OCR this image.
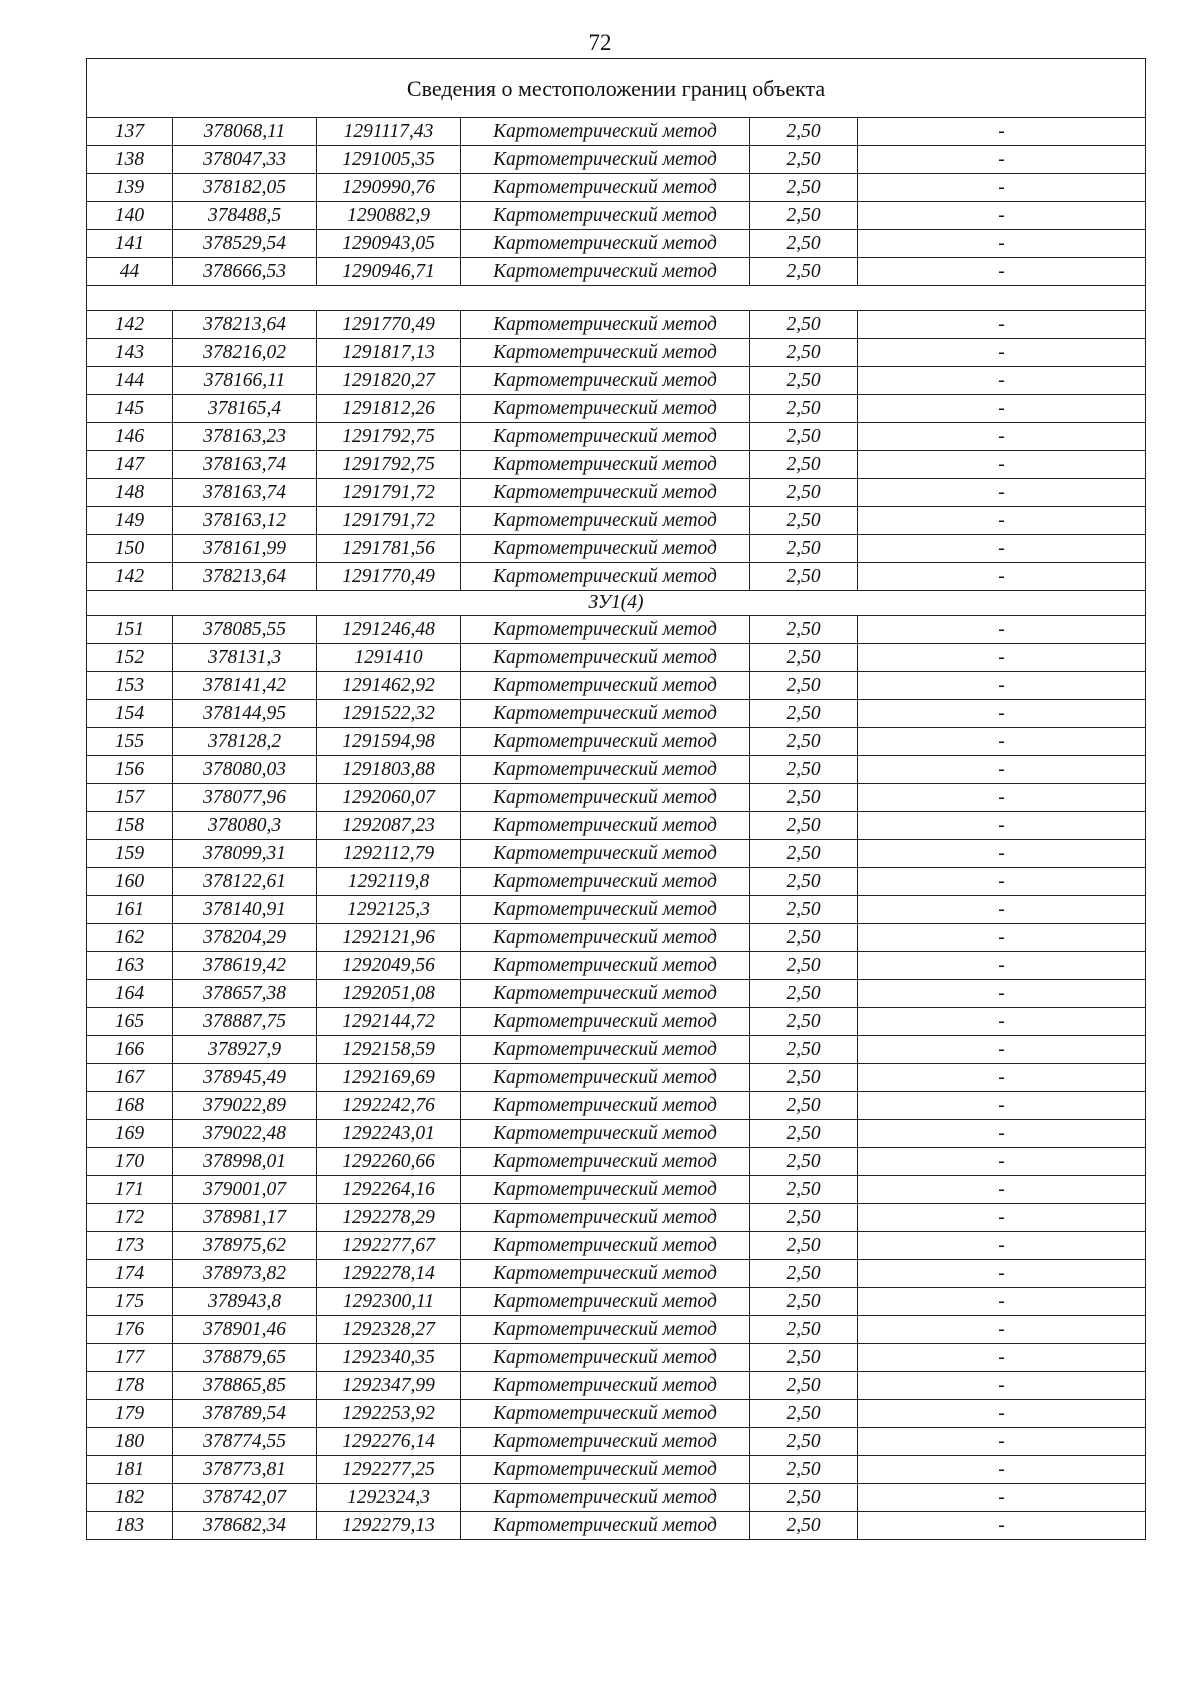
72
Сведения о местоположении границ объекта					
137	378068,11	1291117,43	Картометрический метод	2,50	-
138	378047,33	1291005,35	Картометрический метод	2,50	-
139	378182,05	1290990,76	Картометрический метод	2,50	-
140	378488,5	1290882,9	Картометрический метод	2,50	-
141	378529,54	1290943,05	Картометрический метод	2,50	-
44	378666,53	1290946,71	Картометрический метод	2,50	-

142	378213,64	1291770,49	Картометрический метод	2,50	-
143	378216,02	1291817,13	Картометрический метод	2,50	-
144	378166,11	1291820,27	Картометрический метод	2,50	-
145	378165,4	1291812,26	Картометрический метод	2,50	-
146	378163,23	1291792,75	Картометрический метод	2,50	-
147	378163,74	1291792,75	Картометрический метод	2,50	-
148	378163,74	1291791,72	Картометрический метод	2,50	-
149	378163,12	1291791,72	Картометрический метод	2,50	-
150	378161,99	1291781,56	Картометрический метод	2,50	-
142	378213,64	1291770,49	Картометрический метод	2,50	-
ЗУ1(4)					
151	378085,55	1291246,48	Картометрический метод	2,50	-
152	378131,3	1291410	Картометрический метод	2,50	-
153	378141,42	1291462,92	Картометрический метод	2,50	-
154	378144,95	1291522,32	Картометрический метод	2,50	-
155	378128,2	1291594,98	Картометрический метод	2,50	-
156	378080,03	1291803,88	Картометрический метод	2,50	-
157	378077,96	1292060,07	Картометрический метод	2,50	-
158	378080,3	1292087,23	Картометрический метод	2,50	-
159	378099,31	1292112,79	Картометрический метод	2,50	-
160	378122,61	1292119,8	Картометрический метод	2,50	-
161	378140,91	1292125,3	Картометрический метод	2,50	-
162	378204,29	1292121,96	Картометрический метод	2,50	-
163	378619,42	1292049,56	Картометрический метод	2,50	-
164	378657,38	1292051,08	Картометрический метод	2,50	-
165	378887,75	1292144,72	Картометрический метод	2,50	-
166	378927,9	1292158,59	Картометрический метод	2,50	-
167	378945,49	1292169,69	Картометрический метод	2,50	-
168	379022,89	1292242,76	Картометрический метод	2,50	-
169	379022,48	1292243,01	Картометрический метод	2,50	-
170	378998,01	1292260,66	Картометрический метод	2,50	-
171	379001,07	1292264,16	Картометрический метод	2,50	-
172	378981,17	1292278,29	Картометрический метод	2,50	-
173	378975,62	1292277,67	Картометрический метод	2,50	-
174	378973,82	1292278,14	Картометрический метод	2,50	-
175	378943,8	1292300,11	Картометрический метод	2,50	-
176	378901,46	1292328,27	Картометрический метод	2,50	-
177	378879,65	1292340,35	Картометрический метод	2,50	-
178	378865,85	1292347,99	Картометрический метод	2,50	-
179	378789,54	1292253,92	Картометрический метод	2,50	-
180	378774,55	1292276,14	Картометрический метод	2,50	-
181	378773,81	1292277,25	Картометрический метод	2,50	-
182	378742,07	1292324,3	Картометрический метод	2,50	-
183	378682,34	1292279,13	Картометрический метод	2,50	-
